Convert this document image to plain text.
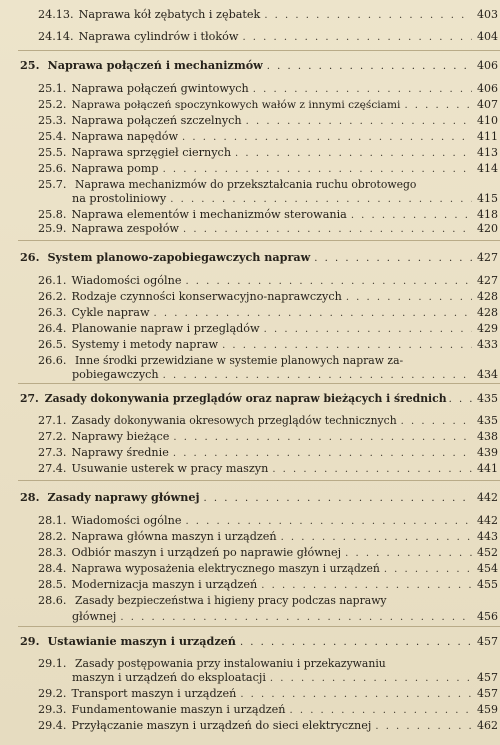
24.13. Naprawa kół zębatych i zębatek . . .	403
24.14. Naprawa cylindrów i tłoków . . .	404
25. Naprawa połączeń i mechanizmów . . .	406
25.1. Naprawa połączeń gwintowych . . .	406
25.2. Naprawa połączeń spoczynkowych wałów z innymi częściami . . .	407
25.3. Naprawa połączeń szczelnych . . .	410
25.4. Naprawa napędów . . .	411
25.5. Naprawa sprzęgieł ciernych . . .	413
25.6. Naprawa pomp . . .	414
25.7. Naprawa mechanizmów do przekształcania ruchu obrotowego
na prostoliniowy . . .	415
25.8. Naprawa elementów i mechanizmów sterowania . . .	418
25.9. Naprawa zespołów . . .	420
26. System planowo-zapobiegawczych napraw . . .	427
26.1. Wiadomości ogólne . . .	427
26.2. Rodzaje czynności konserwacyjno-naprawczych . . .	428
26.3. Cykle napraw . . .	428
26.4. Planowanie napraw i przeglądów . . .	429
26.5. Systemy i metody napraw . . .	433
26.6. Inne środki przewidziane w systemie planowych napraw za-
pobiegawczych . . .	434
27. Zasady dokonywania przeglądów oraz napraw bieżących i średnich . . .	435
27.1. Zasady dokonywania okresowych przeglądów technicznych . . .	435
27.2. Naprawy bieżące . . .	438
27.3. Naprawy średnie . . .	439
27.4. Usuwanie usterek w pracy maszyn . . .	441
28. Zasady naprawy głównej . . .	442
28.1. Wiadomości ogólne . . .	442
28.2. Naprawa główna maszyn i urządzeń . . .	443
28.3. Odbiór maszyn i urządzeń po naprawie głównej . . .	452
28.4. Naprawa wyposażenia elektrycznego maszyn i urządzeń . . .	454
28.5. Modernizacja maszyn i urządzeń . . .	455
28.6. Zasady bezpieczeństwa i higieny pracy podczas naprawy
głównej . . .	456
29. Ustawianie maszyn i urządzeń . . .	457
29.1. Zasady postępowania przy instalowaniu i przekazywaniu
maszyn i urządzeń do eksploatacji . . .	457
29.2. Transport maszyn i urządzeń . . .	457
29.3. Fundamentowanie maszyn i urządzeń . . .	459
29.4. Przyłączanie maszyn i urządzeń do sieci elektrycznej . . .	462
